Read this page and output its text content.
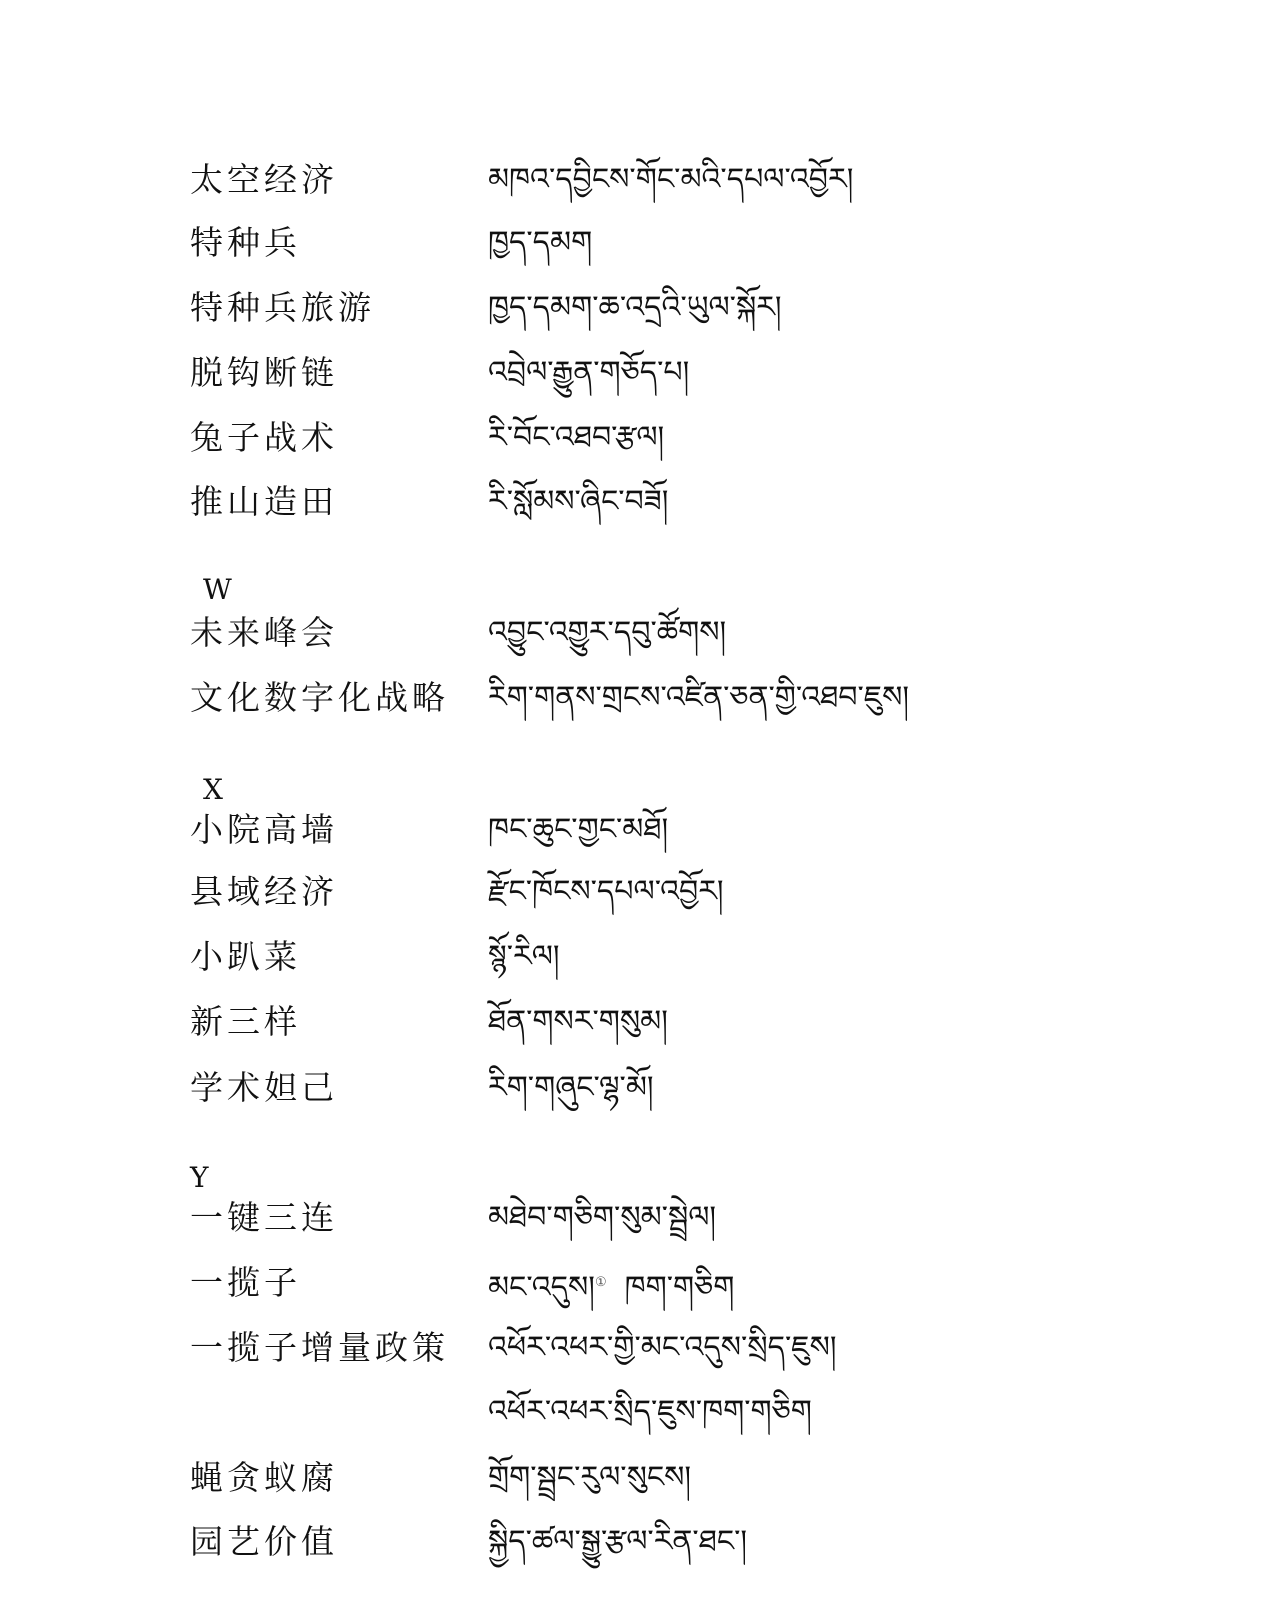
太空经济	མཁའ་དབྱིངས་གོང་མའི་དཔལ་འབྱོར།
特种兵	ཁྱད་དམག
特种兵旅游	ཁྱད་དམག་ཆ་འདྲའི་ཡུལ་སྐོར།
脱钩断链	འབྲེལ་རྒྱུན་གཅོད་པ།
兔子战术	རི་བོང་འཐབ་རྩལ།
推山造田	རི་སློམས་ཞིང་བཟོ།
W
未来峰会	འབྱུང་འགྱུར་དབུ་ཚོགས།
文化数字化战略 རིག་གནས་གྲངས་འཛིན་ཅན་གྱི་འཐབ་ཇུས།
X
小院高墙	ཁང་ཆུང་གྱང་མཐོ།
县域经济	རྫོང་ཁོངས་དཔལ་འབྱོར།
小趴菜	སྙོ་རིལ།
新三样	ཐོན་གསར་གསུམ།
学术妲己	རིག་གཞུང་ལྷ་མོ།
Y
一键三连	མཐེབ་གཅིག་སུམ་སྦྲེལ།
一揽子	མང་འདུས།① ཁག་གཅིག
一揽子增量政策 འཕོར་འཕར་གྱི་མང་འདུས་སྲིད་ཇུས།
འཕོར་འཕར་སྲིད་ཇུས་ཁག་གཅིག
蝇贪蚁腐	གྲོག་སྦྲང་རུལ་སུངས།
园艺价值	སྐྱིད་ཚལ་སྒྱུ་རྩལ་རིན་ཐང་།
